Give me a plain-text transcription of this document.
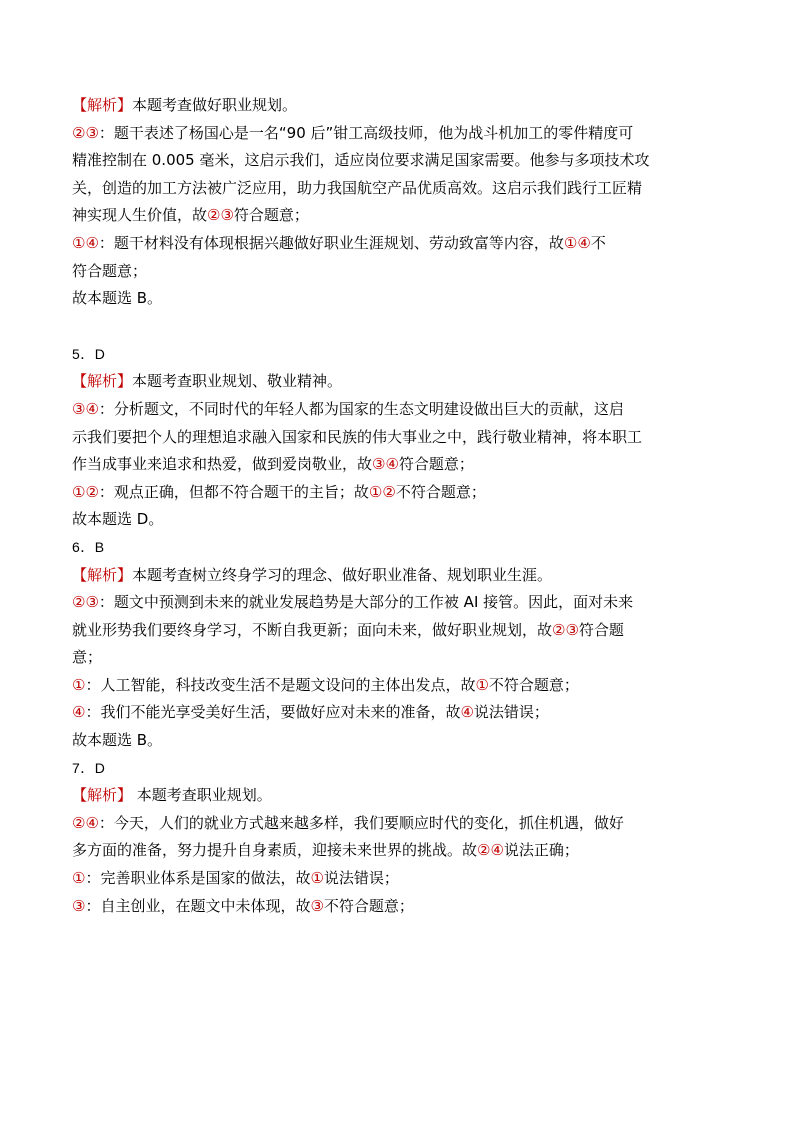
【解析】本题考查做好职业规划。

②③：题干表述了杨国心是一名“90 后”钳工高级技师，他为战斗机加工的零件精度可

精准控制在 0.005 毫米，这启示我们，适应岗位要求满足国家需要。他参与多项技术攻

关，创造的加工方法被广泛应用，助力我国航空产品优质高效。这启示我们践行工匠精

神实现人生价值，故②③符合题意；

①④：题干材料没有体现根据兴趣做好职业生涯规划、劳动致富等内容，故①④不

符合题意；

故本题选 B。

5．D

【解析】本题考查职业规划、敬业精神。

③④：分析题文，不同时代的年轻人都为国家的生态文明建设做出巨大的贡献，这启

示我们要把个人的理想追求融入国家和民族的伟大事业之中，践行敬业精神，将本职工

作当成事业来追求和热爱，做到爱岗敬业，故③④符合题意；

①②：观点正确，但都不符合题干的主旨；故①②不符合题意；

故本题选 D。

6．B

【解析】本题考查树立终身学习的理念、做好职业准备、规划职业生涯。

②③：题文中预测到未来的就业发展趋势是大部分的工作被 AI 接管。因此，面对未来

就业形势我们要终身学习，不断自我更新；面向未来，做好职业规划，故②③符合题

意；

①：人工智能，科技改变生活不是题文设问的主体出发点，故①不符合题意；

④：我们不能光享受美好生活，要做好应对未来的准备，故④说法错误；

故本题选 B。

7．D

【解析】 本题考查职业规划。

②④：今天，人们的就业方式越来越多样，我们要顺应时代的变化，抓住机遇，做好

多方面的准备，努力提升自身素质，迎接未来世界的挑战。故②④说法正确；

①：完善职业体系是国家的做法，故①说法错误；

③：自主创业，在题文中未体现，故③不符合题意；
